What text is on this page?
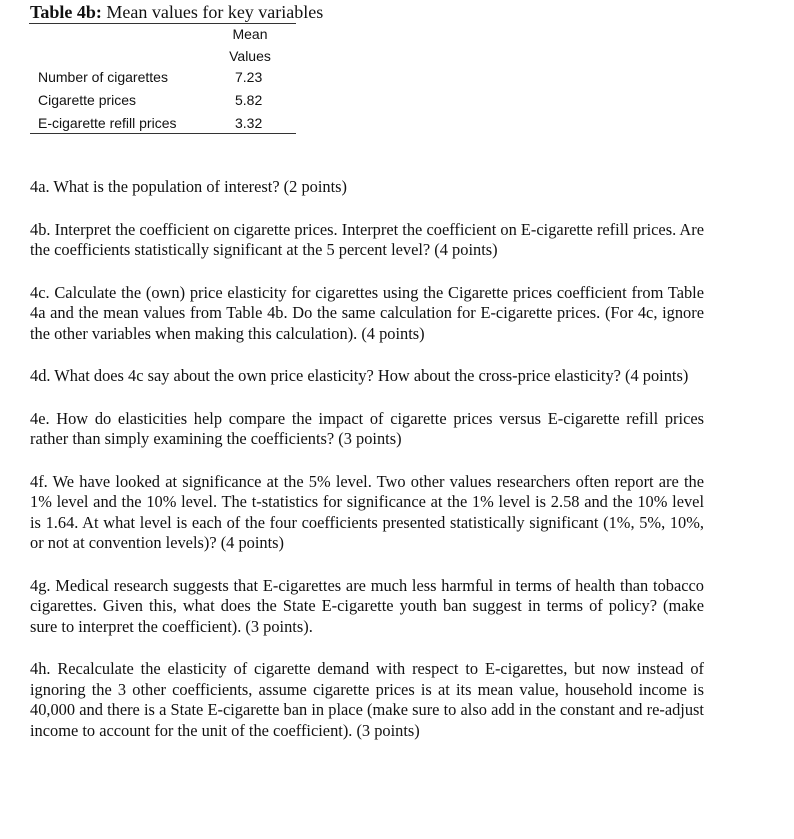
Table 4b: Mean values for key variables
Mean
Values
Number of cigarettes	7.23
Cigarette prices	5.82
E-cigarette refill prices	3.32

4a. What is the population of interest? (2 points)

4b. Interpret the coefficient on cigarette prices. Interpret the coefficient on E-cigarette refill prices. Are the coefficients statistically significant at the 5 percent level? (4 points)

4c. Calculate the (own) price elasticity for cigarettes using the Cigarette prices coefficient from Table 4a and the mean values from Table 4b. Do the same calculation for E-cigarette prices. (For 4c, ignore the other variables when making this calculation). (4 points)

4d. What does 4c say about the own price elasticity? How about the cross-price elasticity? (4 points)

4e. How do elasticities help compare the impact of cigarette prices versus E-cigarette refill prices rather than simply examining the coefficients? (3 points)

4f. We have looked at significance at the 5% level. Two other values researchers often report are the 1% level and the 10% level. The t-statistics for significance at the 1% level is 2.58 and the 10% level is 1.64. At what level is each of the four coefficients presented statistically significant (1%, 5%, 10%, or not at convention levels)? (4 points)

4g. Medical research suggests that E-cigarettes are much less harmful in terms of health than tobacco cigarettes. Given this, what does the State E-cigarette youth ban suggest in terms of policy? (make sure to interpret the coefficient). (3 points).

4h. Recalculate the elasticity of cigarette demand with respect to E-cigarettes, but now instead of ignoring the 3 other coefficients, assume cigarette prices is at its mean value, household income is 40,000 and there is a State E-cigarette ban in place (make sure to also add in the constant and re-adjust income to account for the unit of the coefficient). (3 points)
